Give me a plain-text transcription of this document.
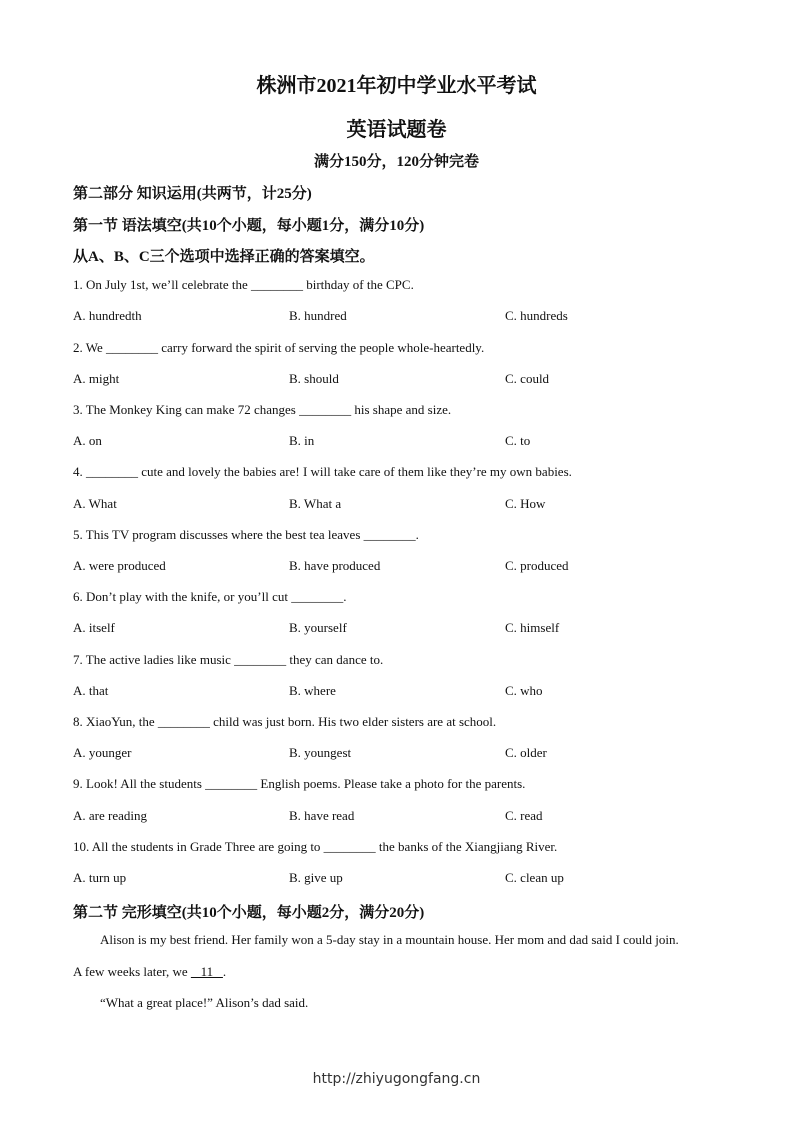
株洲市2021年初中学业水平考试
英语试题卷
满分150分，120分钟完卷
第二部分 知识运用(共两节，计25分)
第一节 语法填空(共10个小题，每小题1分，满分10分)
从A、B、C三个选项中选择正确的答案填空。
1. On July 1st, we’ll celebrate the ________ birthday of the CPC.
A. hundredth	B. hundred	C. hundreds
2. We ________ carry forward the spirit of serving the people whole-heartedly.
A. might	B. should	C. could
3. The Monkey King can make 72 changes ________ his shape and size.
A. on	B. in	C. to
4. ________ cute and lovely the babies are! I will take care of them like they’re my own babies.
A. What	B. What a	C. How
5. This TV program discusses where the best tea leaves ________.
A. were produced	B. have produced	C. produced
6. Don’t play with the knife, or you’ll cut ________.
A. itself	B. yourself	C. himself
7. The active ladies like music ________ they can dance to.
A. that	B. where	C. who
8. XiaoYun, the ________ child was just born. His two elder sisters are at school.
A. younger	B. youngest	C. older
9. Look! All the students ________ English poems. Please take a photo for the parents.
A. are reading	B. have read	C. read
10. All the students in Grade Three are going to ________ the banks of the Xiangjiang River.
A. turn up	B. give up	C. clean up
第二节 完形填空(共10个小题，每小题2分，满分20分)
Alison is my best friend. Her family won a 5-day stay in a mountain house. Her mom and dad said I could join.
A few weeks later, we    11   .
“What a great place!” Alison’s dad said.
http://zhiyugongfang.cn
